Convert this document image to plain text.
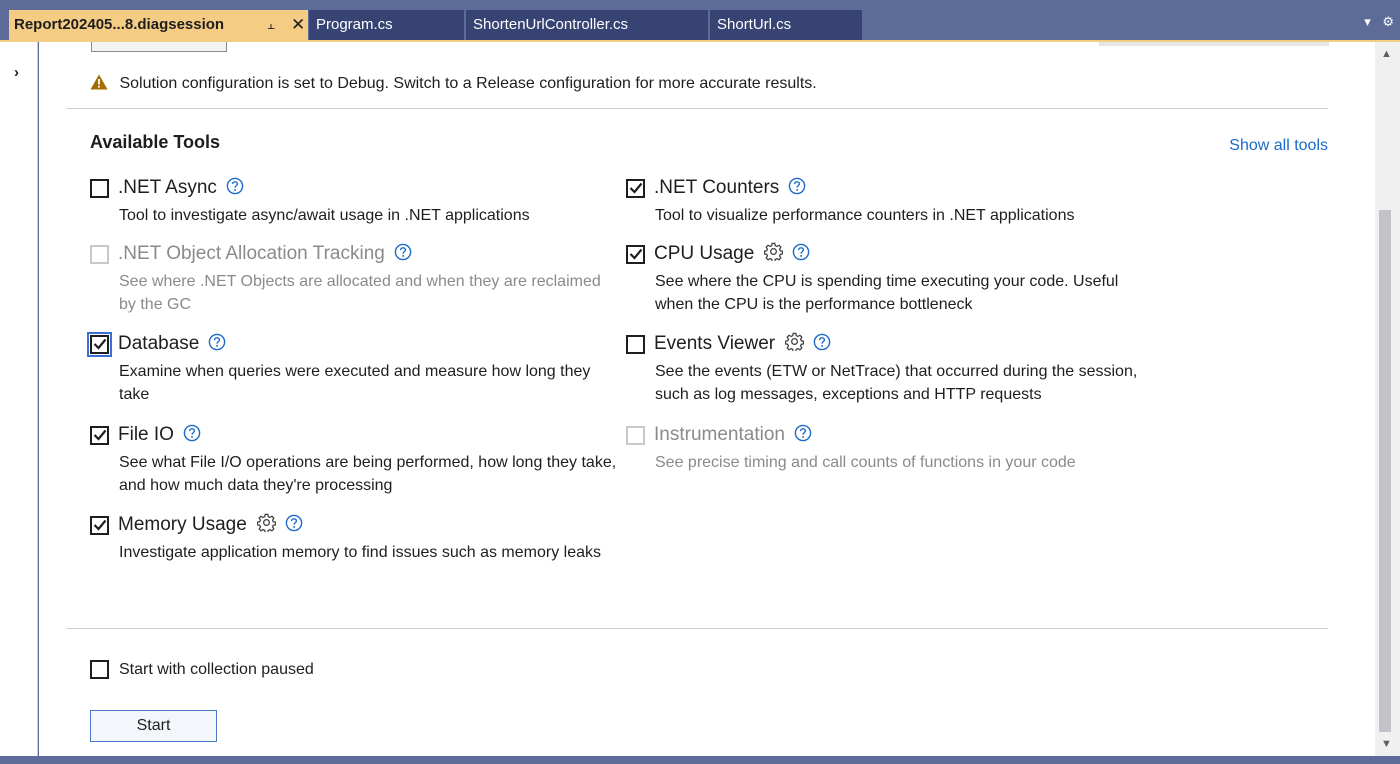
Report202405...8.diagsession	⫠ ✕ Program.cs	ShortenUrlController.cs	ShortUrl.cs	▾ ⚙
›
Solution configuration is set to Debug. Switch to a Release configuration for more accurate results.
Available Tools	Show all tools
.NET Async
Tool to investigate async/await usage in .NET applications
.NET Counters
Tool to visualize performance counters in .NET applications
.NET Object Allocation Tracking
See where .NET Objects are allocated and when they are reclaimed by the GC
CPU Usage
See where the CPU is spending time executing your code. Useful when the CPU is the performance bottleneck
Database
Examine when queries were executed and measure how long they take
Events Viewer
See the events (ETW or NetTrace) that occurred during the session, such as log messages, exceptions and HTTP requests
File IO
See what File I/O operations are being performed, how long they take, and how much data they're processing
Instrumentation
See precise timing and call counts of functions in your code
Memory Usage
Investigate application memory to find issues such as memory leaks
Start with collection paused
Start
▲
▼
